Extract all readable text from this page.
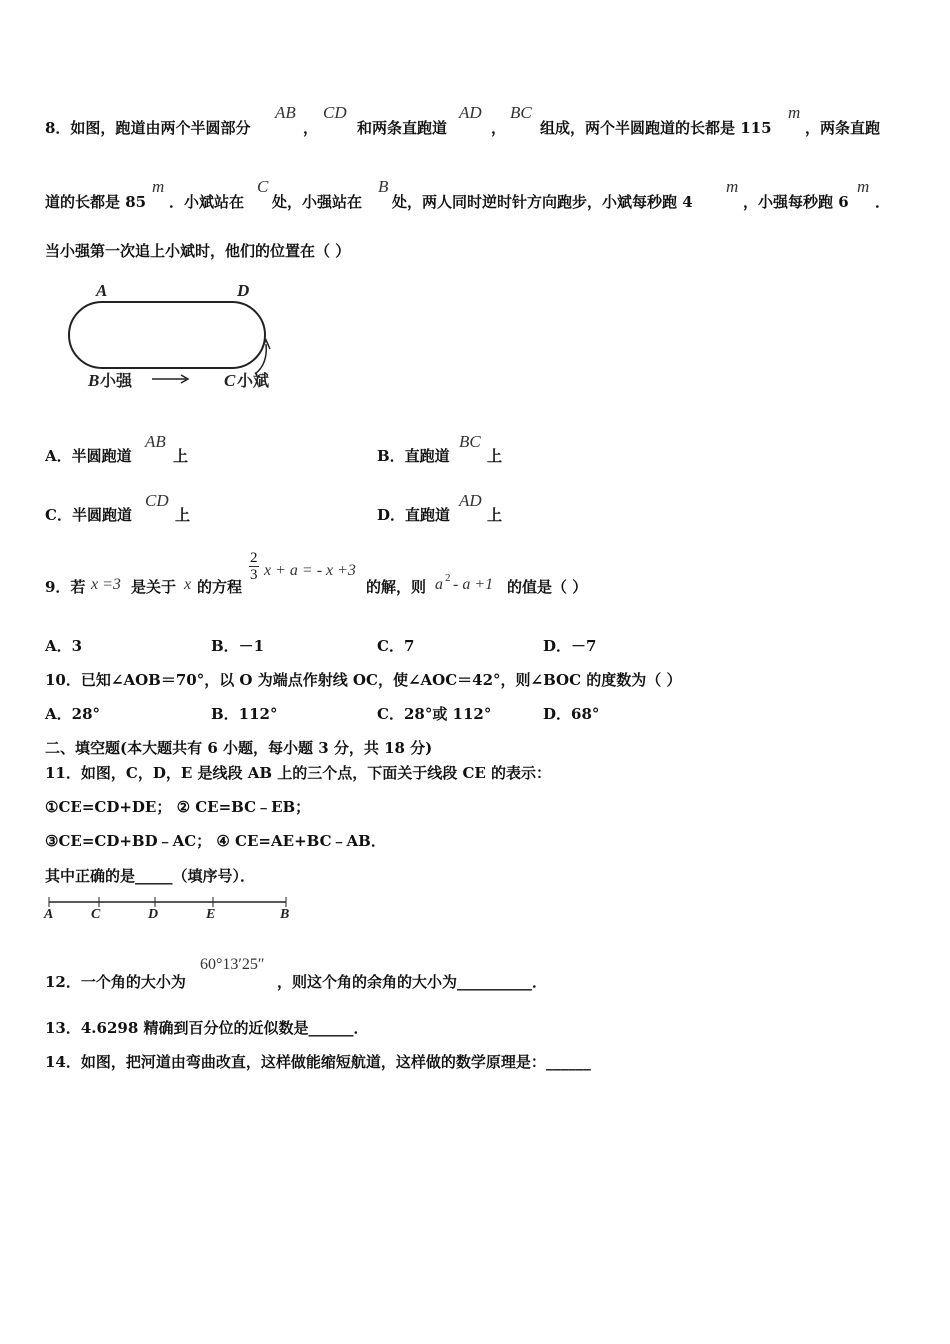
8．如图，跑道由两个半圆部分
AB
，
CD
和两条直跑道
AD
，
BC
组成，两个半圆跑道的长都是 115
m
，两条直跑
道的长都是 85
m
．小斌站在
C
处，小强站在
B
处，两人同时逆时针方向跑步，小斌每秒跑 4
m
，小强每秒跑 6
m
．
当小强第一次追上小斌时，他们的位置在（ ）
A	D
B 小强	C 小斌
A．半圆跑道
AB
上	B．直跑道
BC
上
C．半圆跑道
CD
上	D．直跑道
AD
上
9．若 x =3 是关于 x 的方程
$\frac{2}{3}$ x + a = - x +3
的解，则 a 2 - a +1 的值是（ ）
A．3	B．－1	C．7	D．－7
10．已知∠AOB＝70°，以 O 为端点作射线 OC，使∠AOC＝42°，则∠BOC 的度数为（ ）
A．28°	B．112°	C．28°或 112°	D．68°
二、填空题(本大题共有 6 小题，每小题 3 分，共 18 分)
11．如图，C，D，E 是线段 AB 上的三个点，下面关于线段 CE 的表示：
①CE=CD+DE； ② CE=BC﹣EB；
③CE=CD+BD﹣AC； ④ CE=AE+BC﹣AB．
其中正确的是_____（填序号）．
A	C	D	E	B
12．一个角的大小为
60°13′25″
，则这个角的余角的大小为__________．
13．4.6298 精确到百分位的近似数是______．
14．如图，把河道由弯曲改直，这样做能缩短航道，这样做的数学原理是：______
